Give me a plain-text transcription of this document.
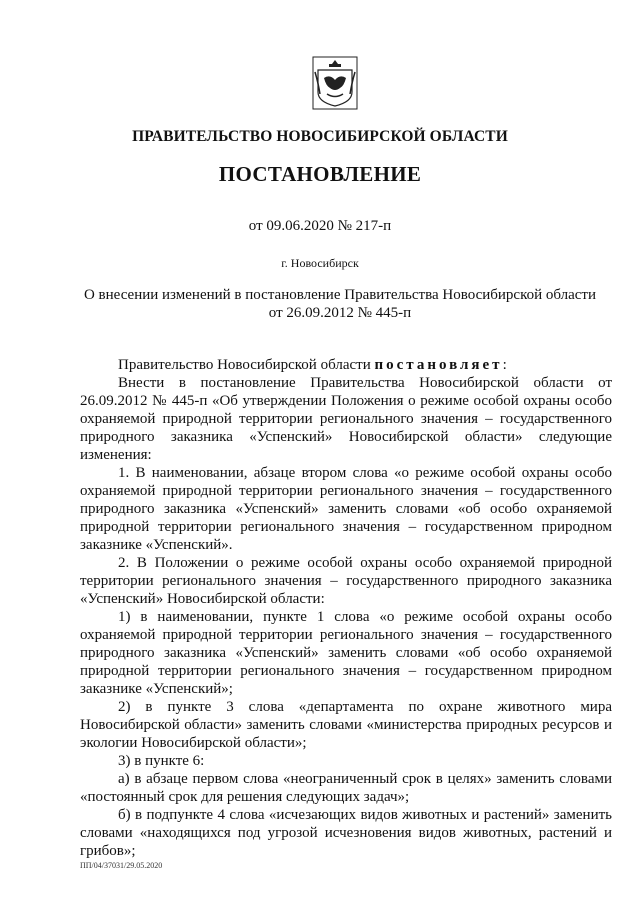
ПРАВИТЕЛЬСТВО НОВОСИБИРСКОЙ ОБЛАСТИ
ПОСТАНОВЛЕНИЕ
от 09.06.2020 № 217-п
г. Новосибирск
О внесении изменений в постановление Правительства Новосибирской области
от 26.09.2012 № 445-п

Правительство Новосибирской области постановляет:

Внести в постановление Правительства Новосибирской области от 26.09.2012 № 445-п «Об утверждении Положения о режиме особой охраны особо охраняемой природной территории регионального значения – государственного природного заказника «Успенский» Новосибирской области» следующие изменения:

1. В наименовании, абзаце втором слова «о режиме особой охраны особо охраняемой природной территории регионального значения – государственного природного заказника «Успенский» заменить словами «об особо охраняемой природной территории регионального значения – государственном природном заказнике «Успенский».

2. В Положении о режиме особой охраны особо охраняемой природной территории регионального значения – государственного природного заказника «Успенский» Новосибирской области:

1) в наименовании, пункте 1 слова «о режиме особой охраны особо охраняемой природной территории регионального значения – государственного природного заказника «Успенский» заменить словами «об особо охраняемой природной территории регионального значения – государственном природном заказнике «Успенский»;

2) в пункте 3 слова «департамента по охране животного мира Новосибирской области» заменить словами «министерства природных ресурсов и экологии Новосибирской области»;

3) в пункте 6:

а) в абзаце первом слова «неограниченный срок в целях» заменить словами «постоянный срок для решения следующих задач»;

б) в подпункте 4 слова «исчезающих видов животных и растений» заменить словами «находящихся под угрозой исчезновения видов животных, растений и грибов»;

ПП/04/37031/29.05.2020
